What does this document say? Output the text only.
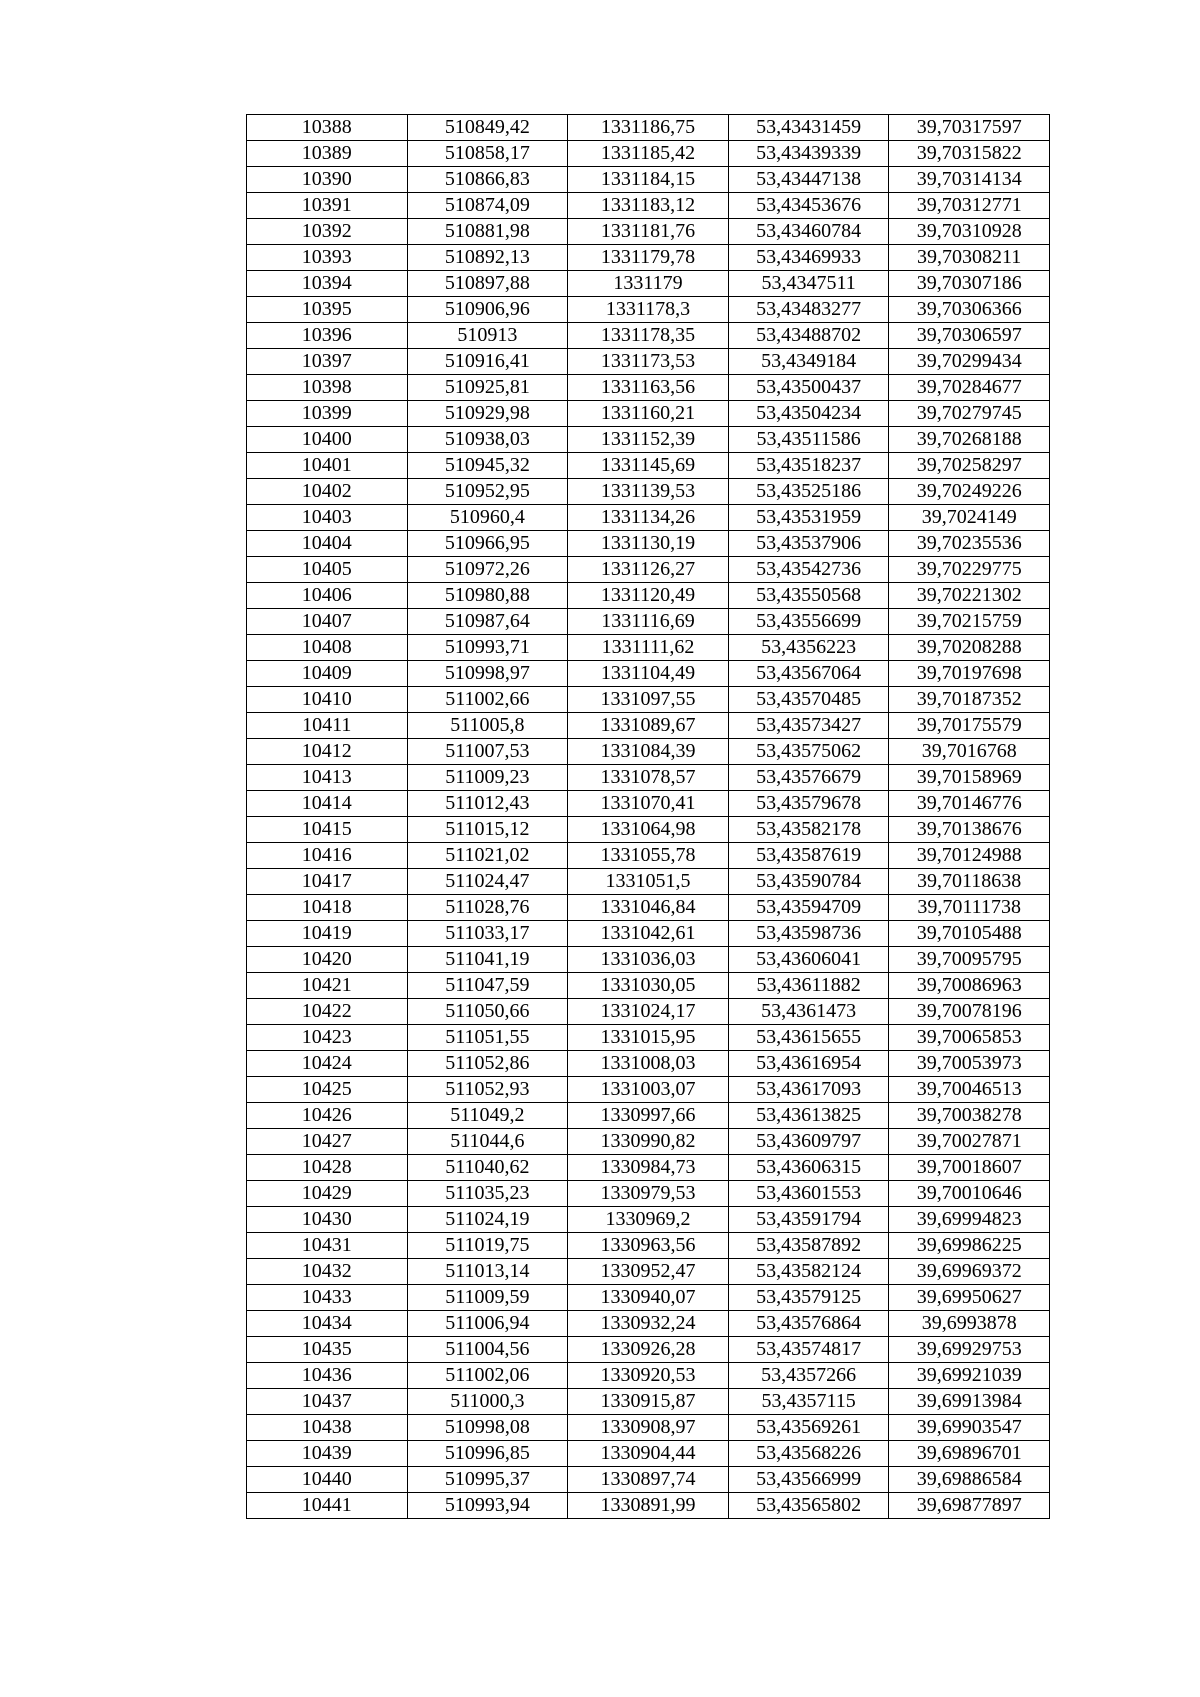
10388	510849,42	1331186,75	53,43431459	39,70317597
10389	510858,17	1331185,42	53,43439339	39,70315822
10390	510866,83	1331184,15	53,43447138	39,70314134
10391	510874,09	1331183,12	53,43453676	39,70312771
10392	510881,98	1331181,76	53,43460784	39,70310928
10393	510892,13	1331179,78	53,43469933	39,70308211
10394	510897,88	1331179	53,4347511	39,70307186
10395	510906,96	1331178,3	53,43483277	39,70306366
10396	510913	1331178,35	53,43488702	39,70306597
10397	510916,41	1331173,53	53,4349184	39,70299434
10398	510925,81	1331163,56	53,43500437	39,70284677
10399	510929,98	1331160,21	53,43504234	39,70279745
10400	510938,03	1331152,39	53,43511586	39,70268188
10401	510945,32	1331145,69	53,43518237	39,70258297
10402	510952,95	1331139,53	53,43525186	39,70249226
10403	510960,4	1331134,26	53,43531959	39,7024149
10404	510966,95	1331130,19	53,43537906	39,70235536
10405	510972,26	1331126,27	53,43542736	39,70229775
10406	510980,88	1331120,49	53,43550568	39,70221302
10407	510987,64	1331116,69	53,43556699	39,70215759
10408	510993,71	1331111,62	53,4356223	39,70208288
10409	510998,97	1331104,49	53,43567064	39,70197698
10410	511002,66	1331097,55	53,43570485	39,70187352
10411	511005,8	1331089,67	53,43573427	39,70175579
10412	511007,53	1331084,39	53,43575062	39,7016768
10413	511009,23	1331078,57	53,43576679	39,70158969
10414	511012,43	1331070,41	53,43579678	39,70146776
10415	511015,12	1331064,98	53,43582178	39,70138676
10416	511021,02	1331055,78	53,43587619	39,70124988
10417	511024,47	1331051,5	53,43590784	39,70118638
10418	511028,76	1331046,84	53,43594709	39,70111738
10419	511033,17	1331042,61	53,43598736	39,70105488
10420	511041,19	1331036,03	53,43606041	39,70095795
10421	511047,59	1331030,05	53,43611882	39,70086963
10422	511050,66	1331024,17	53,4361473	39,70078196
10423	511051,55	1331015,95	53,43615655	39,70065853
10424	511052,86	1331008,03	53,43616954	39,70053973
10425	511052,93	1331003,07	53,43617093	39,70046513
10426	511049,2	1330997,66	53,43613825	39,70038278
10427	511044,6	1330990,82	53,43609797	39,70027871
10428	511040,62	1330984,73	53,43606315	39,70018607
10429	511035,23	1330979,53	53,43601553	39,70010646
10430	511024,19	1330969,2	53,43591794	39,69994823
10431	511019,75	1330963,56	53,43587892	39,69986225
10432	511013,14	1330952,47	53,43582124	39,69969372
10433	511009,59	1330940,07	53,43579125	39,69950627
10434	511006,94	1330932,24	53,43576864	39,6993878
10435	511004,56	1330926,28	53,43574817	39,69929753
10436	511002,06	1330920,53	53,4357266	39,69921039
10437	511000,3	1330915,87	53,4357115	39,69913984
10438	510998,08	1330908,97	53,43569261	39,69903547
10439	510996,85	1330904,44	53,43568226	39,69896701
10440	510995,37	1330897,74	53,43566999	39,69886584
10441	510993,94	1330891,99	53,43565802	39,69877897
